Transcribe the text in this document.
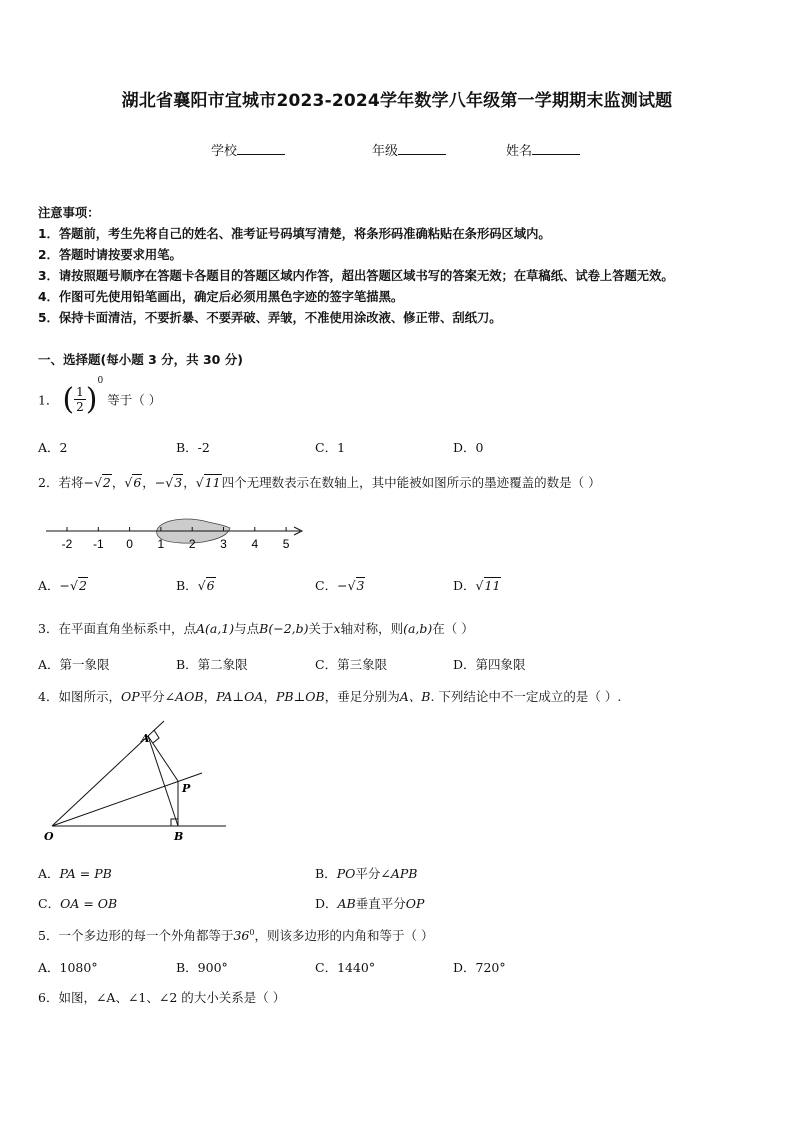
湖北省襄阳市宜城市2023-2024学年数学八年级第一学期期末监测试题
学校	年级	姓名
注意事项：
1．答题前，考生先将自己的姓名、准考证号码填写清楚，将条形码准确粘贴在条形码区域内。
2．答题时请按要求用笔。
3．请按照题号顺序在答题卡各题目的答题区域内作答，超出答题区域书写的答案无效；在草稿纸、试卷上答题无效。
4．作图可先使用铅笔画出，确定后必须用黑色字迹的签字笔描黑。
5．保持卡面清洁，不要折暴、不要弄破、弄皱，不准使用涂改液、修正带、刮纸刀。
一、选择题(每小题 3 分，共 30 分)
1． ( $\frac{1}{2} )^0$ 等于（ ）
A．2	B．-2	C．1	D．0
2．若将−√2，√6，−√3，√11四个无理数表示在数轴上，其中能被如图所示的墨迹覆盖的数是（ ）
-2 -1 0 1 2 3 4 5
A．−√2	B．√6	C．−√3	D．√11
3．在平面直角坐标系中，点A(a,1)与点B(−2,b)关于x轴对称，则(a,b)在（ ）
A．第一象限	B．第二象限	C．第三象限	D．第四象限
4．如图所示，OP平分∠AOB，PA⊥OA，PB⊥OB，垂足分别为A、B. 下列结论中不一定成立的是（ ）.
A
P
O	B
A．PA = PB	B．PO平分∠APB
C．OA = OB	D．AB垂直平分OP
5．一个多边形的每一个外角都等于$36^0$，则该多边形的内角和等于（ ）
A．1080°	B．900°	C．1440°	D．720°
6．如图，∠A、∠1、∠2 的大小关系是（ ）
